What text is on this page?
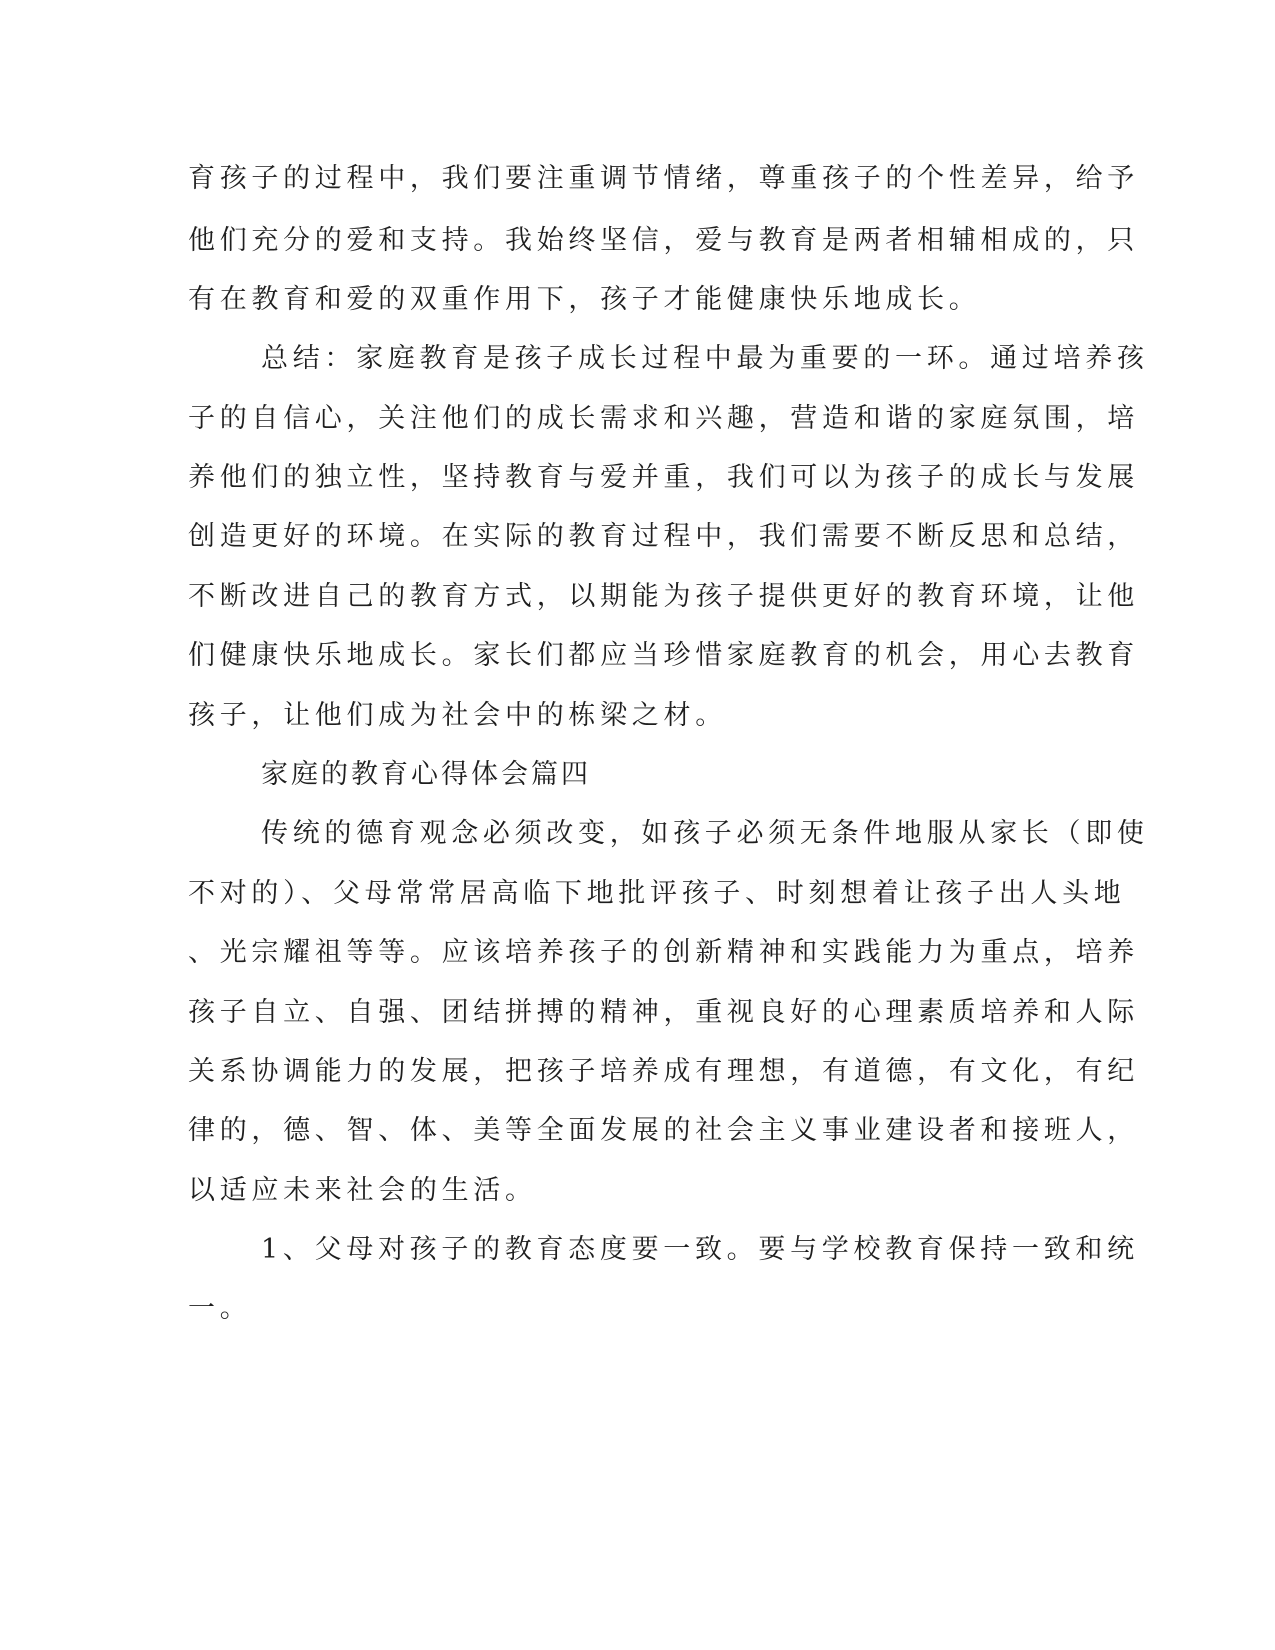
育孩子的过程中，我们要注重调节情绪，尊重孩子的个性差异，给予
他们充分的爱和支持。我始终坚信，爱与教育是两者相辅相成的，只
有在教育和爱的双重作用下，孩子才能健康快乐地成长。
总结：家庭教育是孩子成长过程中最为重要的一环。通过培养孩
子的自信心，关注他们的成长需求和兴趣，营造和谐的家庭氛围，培
养他们的独立性，坚持教育与爱并重，我们可以为孩子的成长与发展
创造更好的环境。在实际的教育过程中，我们需要不断反思和总结，
不断改进自己的教育方式，以期能为孩子提供更好的教育环境，让他
们健康快乐地成长。家长们都应当珍惜家庭教育的机会，用心去教育
孩子，让他们成为社会中的栋梁之材。
家庭的教育心得体会篇四
传统的德育观念必须改变，如孩子必须无条件地服从家长（即使
不对的）、父母常常居高临下地批评孩子、时刻想着让孩子出人头地
、光宗耀祖等等。应该培养孩子的创新精神和实践能力为重点，培养
孩子自立、自强、团结拼搏的精神，重视良好的心理素质培养和人际
关系协调能力的发展，把孩子培养成有理想，有道德，有文化，有纪
律的，德、智、体、美等全面发展的社会主义事业建设者和接班人，
以适应未来社会的生活。
1、父母对孩子的教育态度要一致。要与学校教育保持一致和统
一。
